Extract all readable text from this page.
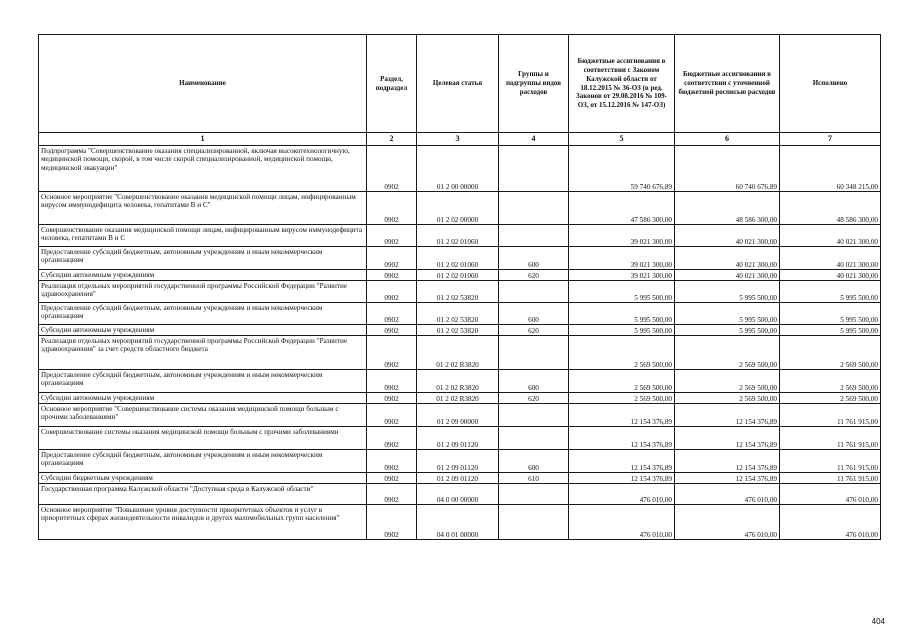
Наименование	Раздел, подраздел	Целевая статья	Группы и подгруппы видов расходов	Бюджетные ассигнования в соответствии с Законом Калужской области от 18.12.2015 № 36-ОЗ (в ред. Законов от 29.08.2016 № 109-ОЗ, от 15.12.2016 № 147-ОЗ)	Бюджетные ассигнования в соответствии с уточненной бюджетной росписью расходов	Исполнено
1	2	3	4	5	6	7
Подпрограмма "Совершенствование оказания специализированной, включая высокотехнологичную, медицинской помощи, скорой, в том числе скорой специализированной, медицинской помощи, медицинской эвакуации"	0902	01 2 00 00000		59 740 676,89	60 740 676,89	60 348 215,00
Основное мероприятие "Совершенствование оказания медицинской помощи лицам, инфицированным вирусом иммунодефицита человека, гепатитами В и С"	0902	01 2 02 00000		47 586 300,00	48 586 300,00	48 586 300,00
Совершенствование оказания медицинской помощи лицам, инфицированным вирусом иммунодефицита человека, гепатитами В и С	0902	01 2 02 01060		39 021 300,00	40 021 300,00	40 021 300,00
Предоставление субсидий бюджетным, автономным учреждениям и иным некоммерческим организациям	0902	01 2 02 01060	600	39 021 300,00	40 021 300,00	40 021 300,00
Субсидии автономным учреждениям	0902	01 2 02 01060	620	39 021 300,00	40 021 300,00	40 021 300,00
Реализация отдельных мероприятий государственной программы Российской Федерации "Развитие здравоохранения"	0902	01 2 02 53820		5 995 500,00	5 995 500,00	5 995 500,00
Предоставление субсидий бюджетным, автономным учреждениям и иным некоммерческим организациям	0902	01 2 02 53820	600	5 995 500,00	5 995 500,00	5 995 500,00
Субсидии автономным учреждениям	0902	01 2 02 53820	620	5 995 500,00	5 995 500,00	5 995 500,00
Реализация отдельных мероприятий государственной программы Российской Федерации "Развитие здравоохранения" за счет средств областного бюджета	0902	01 2 02 R3820		2 569 500,00	2 569 500,00	2 569 500,00
Предоставление субсидий бюджетным, автономным учреждениям и иным некоммерческим организациям	0902	01 2 02 R3820	600	2 569 500,00	2 569 500,00	2 569 500,00
Субсидии автономным учреждениям	0902	01 2 02 R3820	620	2 569 500,00	2 569 500,00	2 569 500,00
Основное мероприятие "Совершенствование системы оказания медицинской помощи больным с прочими заболеваниями"	0902	01 2 09 00000		12 154 376,89	12 154 376,89	11 761 915,00
Совершенствование системы оказания медицинской помощи больным с прочими заболеваниями	0902	01 2 09 01120		12 154 376,89	12 154 376,89	11 761 915,00
Предоставление субсидий бюджетным, автономным учреждениям и иным некоммерческим организациям	0902	01 2 09 01120	600	12 154 376,89	12 154 376,89	11 761 915,00
Субсидии бюджетным учреждениям	0902	01 2 09 01120	610	12 154 376,89	12 154 376,89	11 761 915,00
Государственная программа Калужской области "Доступная среда в Калужской области"	0902	04 0 00 00000		476 010,00	476 010,00	476 010,00
Основное мероприятие "Повышение уровня доступности приоритетных объектов и услуг в приоритетных сферах жизнедеятельности инвалидов и других маломобильных групп населения"	0902	04 0 01 00000		476 010,00	476 010,00	476 010,00
404
